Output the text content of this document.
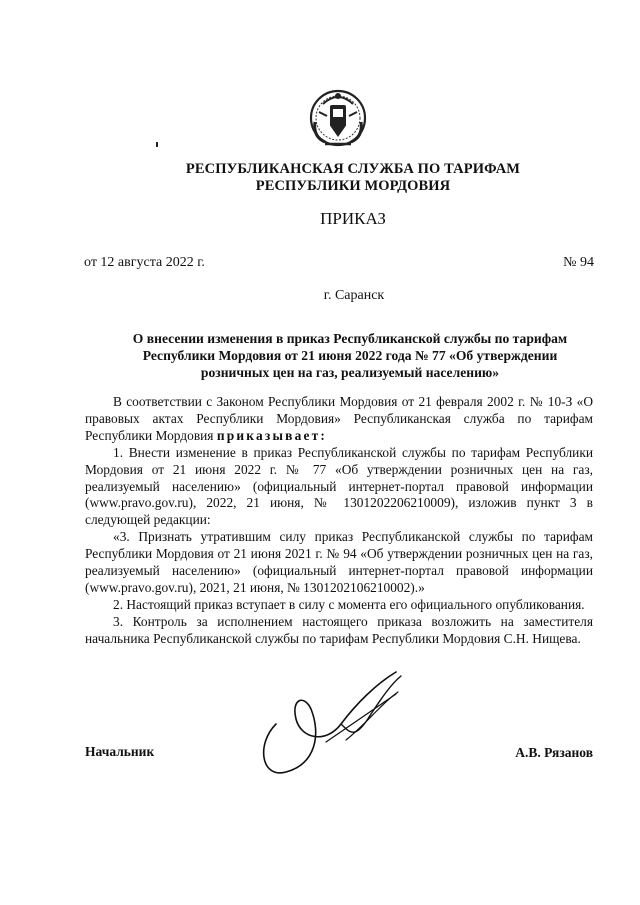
РЕСПУБЛИКАНСКАЯ СЛУЖБА ПО ТАРИФАМ
РЕСПУБЛИКИ МОРДОВИЯ
ПРИКАЗ
от 12 августа 2022 г.	№ 94
г. Саранск
О внесении изменения в приказ Республиканской службы по тарифам
Республики Мордовия от 21 июня 2022 года № 77 «Об утверждении
розничных цен на газ, реализуемый населению»

В соответствии с Законом Республики Мордовия от 21 февраля 2002 г. № 10-З «О правовых актах Республики Мордовия» Республиканская служба по тарифам Республики Мордовия приказывает:

1. Внести изменение в приказ Республиканской службы по тарифам Республики Мордовия от 21 июня 2022 г. № 77 «Об утверждении розничных цен на газ, реализуемый населению» (официальный интернет-портал правовой информации (www.pravo.gov.ru), 2022, 21 июня, № 1301202206210009), изложив пункт 3 в следующей редакции:

«3. Признать утратившим силу приказ Республиканской службы по тарифам Республики Мордовия от 21 июня 2021 г. № 94 «Об утверждении розничных цен на газ, реализуемый населению» (официальный интернет-портал правовой информации (www.pravo.gov.ru), 2021, 21 июня, № 1301202106210002).»

2. Настоящий приказ вступает в силу с момента его официального опубликования.

3. Контроль за исполнением настоящего приказа возложить на заместителя начальника Республиканской службы по тарифам Республики Мордовия С.Н. Нищева.

Начальник	А.В. Рязанов
